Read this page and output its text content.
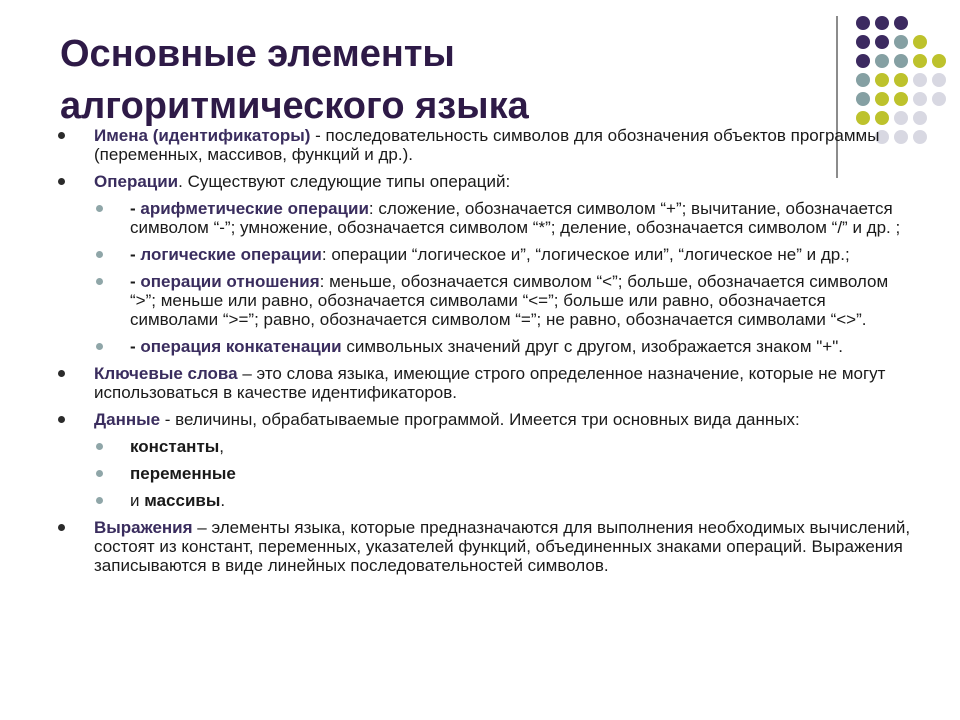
Основные элементы
алгоритмического языка

Имена (идентификаторы) - последовательность символов для обозначения объектов программы (переменных, массивов, функций и др.).

Операции. Существуют следующие типы операций:

- арифметические операции: сложение, обозначается символом “+”; вычитание, обозначается символом “-”; умножение, обозначается символом “*”; деление, обозначается символом “/” и др. ;

- логические операции: операции “логическое и”, “логическое или”, “логическое не” и др.;

- операции отношения: меньше, обозначается символом “<”; больше, обозначается символом “>”; меньше или равно, обозначается символами “<=”; больше или равно, обозначается символами “>=”; равно, обозначается символом “=”; не равно, обозначается символами “<>”.

- операция конкатенации символьных значений друг с другом, изображается знаком "+".

Ключевые слова – это слова языка, имеющие строго определенное назначение, которые не могут использоваться в качестве идентификаторов.

Данные - величины, обрабатываемые программой. Имеется три основных вида данных:

константы,

переменные

и массивы.

Выражения – элементы языка, которые предназначаются для выполнения необходимых вычислений, состоят из констант, переменных, указателей функций, объединенных знаками операций. Выражения записываются в виде линейных последовательностей символов.
